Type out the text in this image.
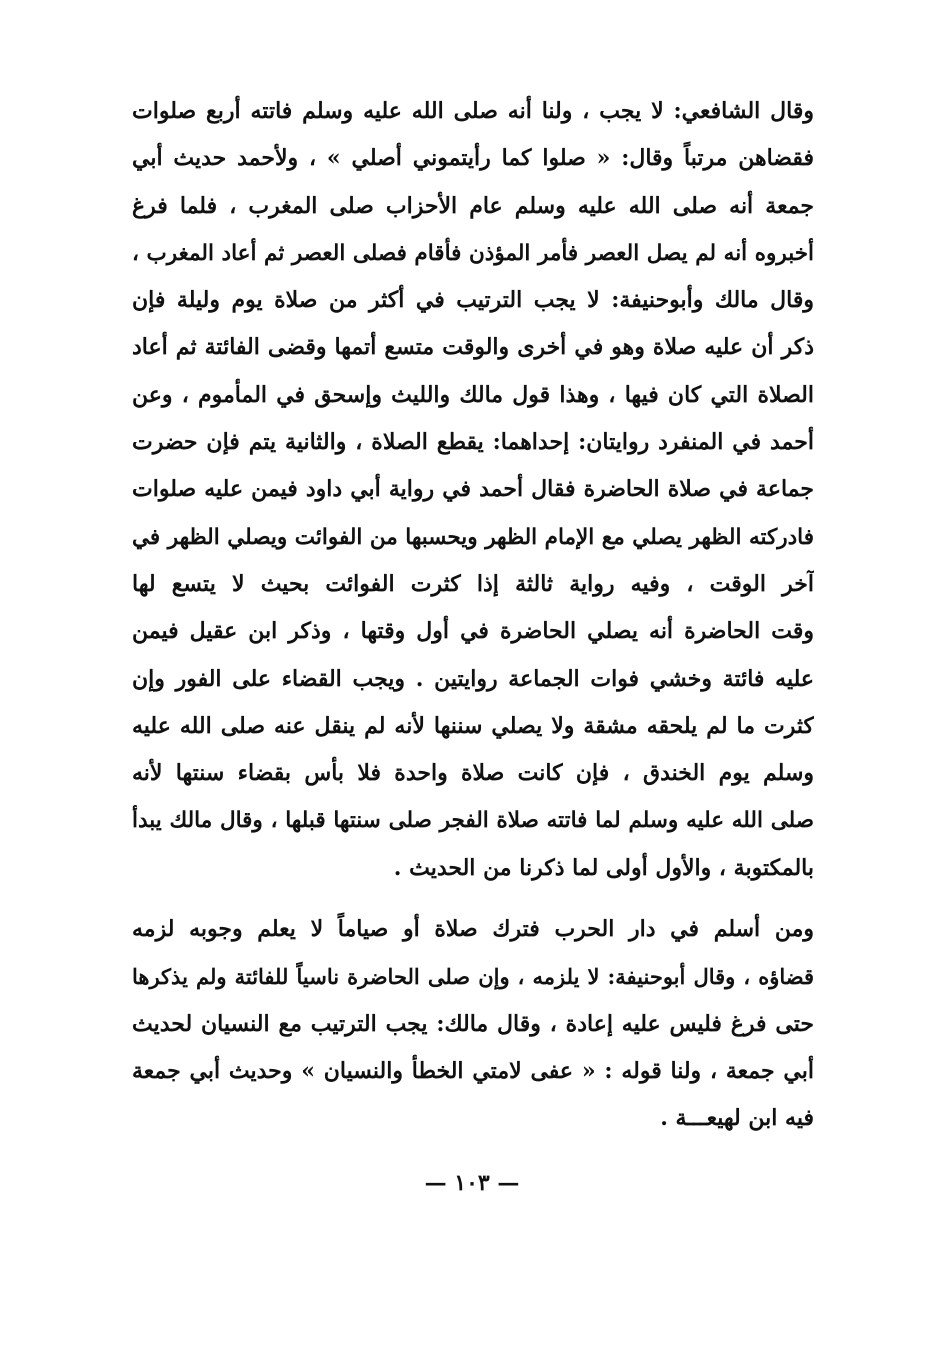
وقال الشافعي: لا يجب ، ولنا أنه صلى الله عليه وسلم فاتته أربع صلوات
فقضاهن مرتباً وقال: « صلوا كما رأيتموني أصلي » ، ولأحمد حديث أبي
جمعة أنه صلى الله عليه وسلم عام الأحزاب صلى المغرب ، فلما فرغ
أخبروه أنه لم يصل العصر فأمر المؤذن فأقام فصلى العصر ثم أعاد المغرب ،
وقال مالك وأبوحنيفة: لا يجب الترتيب في أكثر من صلاة يوم وليلة فإن
ذكر أن عليه صلاة وهو في أخرى والوقت متسع أتمها وقضى الفائتة ثم أعاد
الصلاة التي كان فيها ، وهذا قول مالك والليث وإسحق في المأموم ، وعن
أحمد في المنفرد روايتان: إحداهما: يقطع الصلاة ، والثانية يتم فإن حضرت
جماعة في صلاة الحاضرة فقال أحمد في رواية أبي داود فيمن عليه صلوات
فادركته الظهر يصلي مع الإمام الظهر ويحسبها من الفوائت ويصلي الظهر في
آخر الوقت ، وفيه رواية ثالثة إذا كثرت الفوائت بحيث لا يتسع لها
وقت الحاضرة أنه يصلي الحاضرة في أول وقتها ، وذكر ابن عقيل فيمن
عليه فائتة وخشي فوات الجماعة روايتين . ويجب القضاء على الفور وإن
كثرت ما لم يلحقه مشقة ولا يصلي سننها لأنه لم ينقل عنه صلى الله عليه
وسلم يوم الخندق ، فإن كانت صلاة واحدة فلا بأس بقضاء سنتها لأنه
صلى الله عليه وسلم لما فاتته صلاة الفجر صلى سنتها قبلها ، وقال مالك يبدأ
بالمكتوبة ، والأول أولى لما ذكرنا من الحديث .
ومن أسلم في دار الحرب فترك صلاة أو صياماً لا يعلم وجوبه لزمه
قضاؤه ، وقال أبوحنيفة: لا يلزمه ، وإن صلى الحاضرة ناسياً للفائتة ولم يذكرها
حتى فرغ فليس عليه إعادة ، وقال مالك: يجب الترتيب مع النسيان لحديث
أبي جمعة ، ولنا قوله : « عفى لامتي الخطأ والنسيان » وحديث أبي جمعة
فيه ابن لهيعـــة .
— ١٠٣ —
